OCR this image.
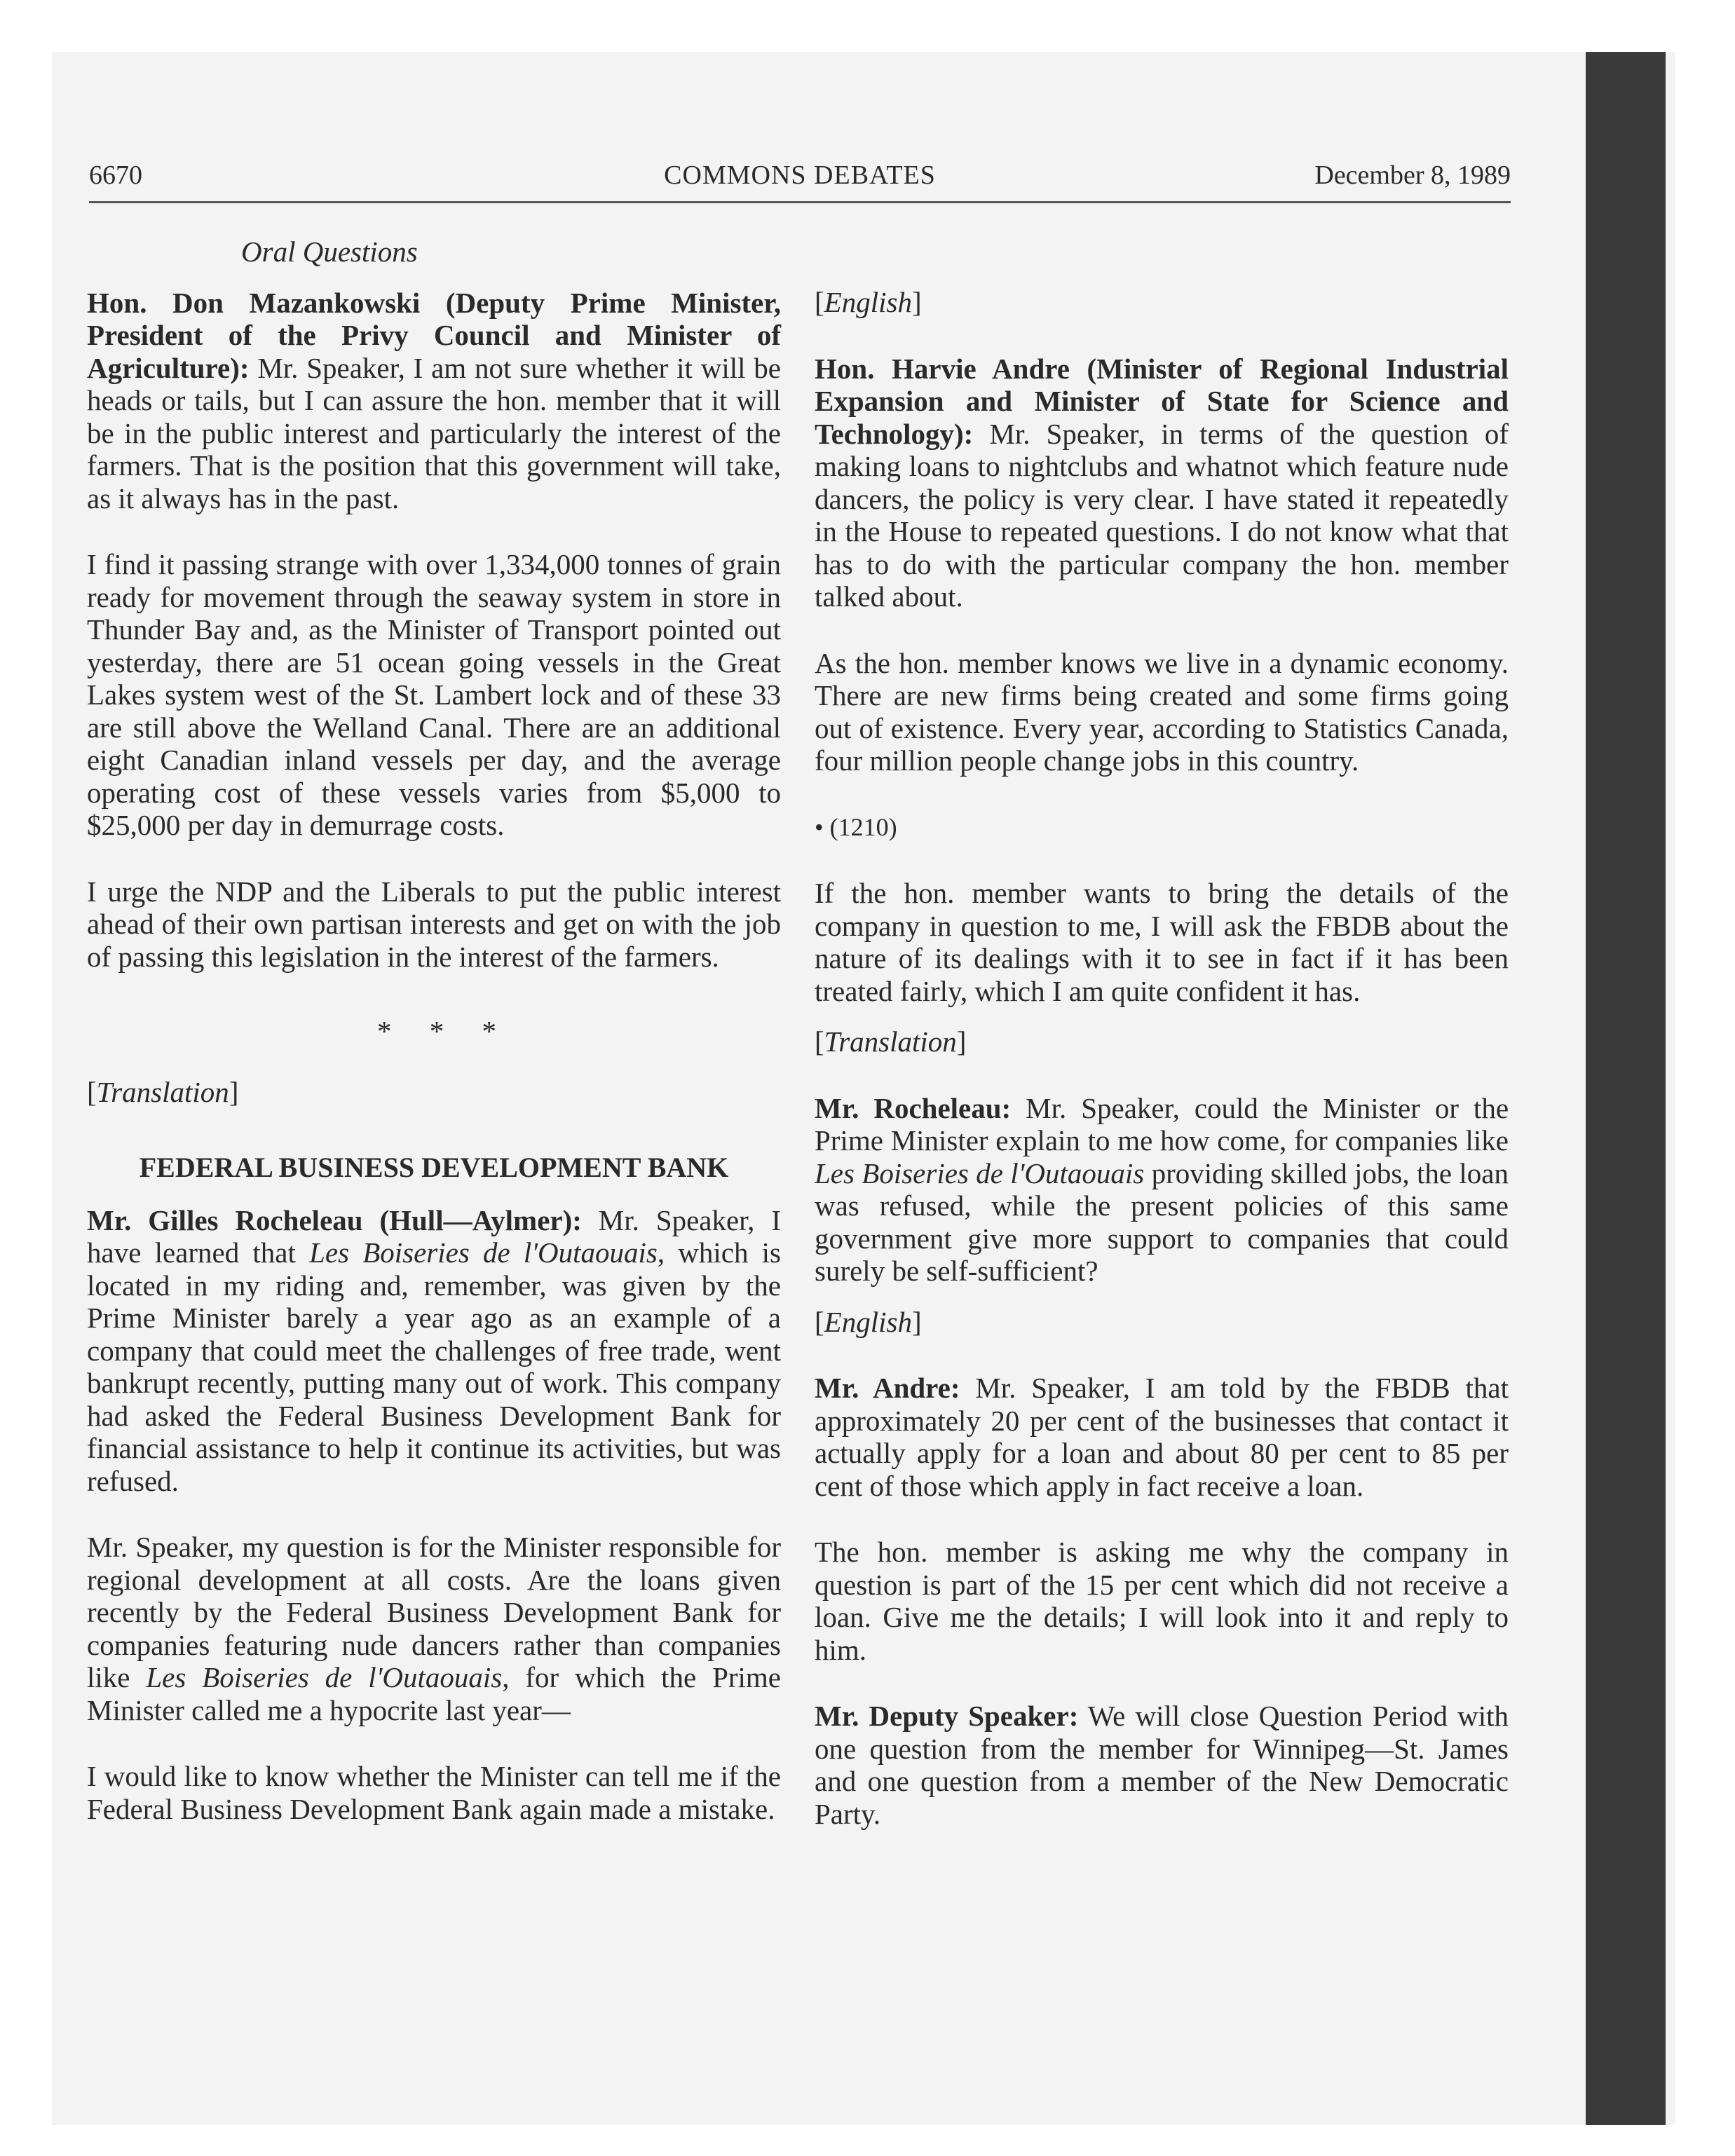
6670	COMMONS DEBATES	December 8, 1989

Oral Questions

Hon. Don Mazankowski (Deputy Prime Minister, President of the Privy Council and Minister of Agriculture): Mr. Speaker, I am not sure whether it will be heads or tails, but I can assure the hon. member that it will be in the public interest and particularly the interest of the farmers. That is the position that this government will take, as it always has in the past.

I find it passing strange with over 1,334,000 tonnes of grain ready for movement through the seaway system in store in Thunder Bay and, as the Minister of Transport pointed out yesterday, there are 51 ocean going vessels in the Great Lakes system west of the St. Lambert lock and of these 33 are still above the Welland Canal. There are an additional eight Canadian inland vessels per day, and the average operating cost of these vessels varies from $5,000 to $25,000 per day in demurrage costs.

I urge the NDP and the Liberals to put the public interest ahead of their own partisan interests and get on with the job of passing this legislation in the interest of the farmers.

* * *

[Translation]

FEDERAL BUSINESS DEVELOPMENT BANK

Mr. Gilles Rocheleau (Hull—Aylmer): Mr. Speaker, I have learned that Les Boiseries de l'Outaouais, which is located in my riding and, remember, was given by the Prime Minister barely a year ago as an example of a company that could meet the challenges of free trade, went bankrupt recently, putting many out of work. This company had asked the Federal Business Development Bank for financial assistance to help it continue its activities, but was refused.

Mr. Speaker, my question is for the Minister responsible for regional development at all costs. Are the loans given recently by the Federal Business Development Bank for companies featuring nude dancers rather than companies like Les Boiseries de l'Outaouais, for which the Prime Minister called me a hypocrite last year—

I would like to know whether the Minister can tell me if the Federal Business Development Bank again made a mistake.

[English]

Hon. Harvie Andre (Minister of Regional Industrial Expansion and Minister of State for Science and Technology): Mr. Speaker, in terms of the question of making loans to nightclubs and whatnot which feature nude dancers, the policy is very clear. I have stated it repeatedly in the House to repeated questions. I do not know what that has to do with the particular company the hon. member talked about.

As the hon. member knows we live in a dynamic economy. There are new firms being created and some firms going out of existence. Every year, according to Statistics Canada, four million people change jobs in this country.

• (1210)

If the hon. member wants to bring the details of the company in question to me, I will ask the FBDB about the nature of its dealings with it to see in fact if it has been treated fairly, which I am quite confident it has.

[Translation]

Mr. Rocheleau: Mr. Speaker, could the Minister or the Prime Minister explain to me how come, for companies like Les Boiseries de l'Outaouais providing skilled jobs, the loan was refused, while the present policies of this same government give more support to companies that could surely be self-sufficient?

[English]

Mr. Andre: Mr. Speaker, I am told by the FBDB that approximately 20 per cent of the businesses that contact it actually apply for a loan and about 80 per cent to 85 per cent of those which apply in fact receive a loan.

The hon. member is asking me why the company in question is part of the 15 per cent which did not receive a loan. Give me the details; I will look into it and reply to him.

Mr. Deputy Speaker: We will close Question Period with one question from the member for Winnipeg—St. James and one question from a member of the New Democratic Party.
